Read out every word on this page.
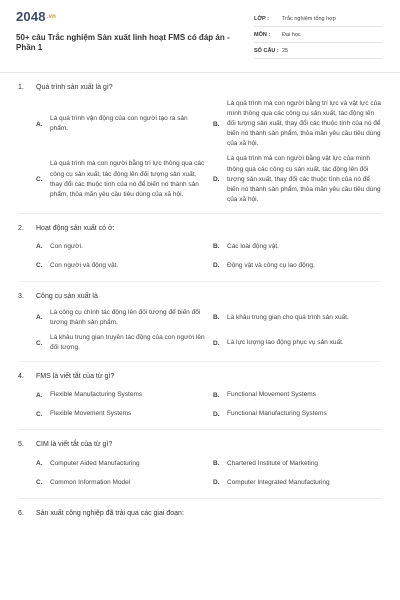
2048.vn
50+ câu Trắc nghiệm Sản xuất linh hoạt FMS có đáp án - Phần 1
LỚP :	Trắc nghiệm tổng hợp
MÔN :	Đại học
SỐ CÂU : 25
1.	Quá trình sản xuất là gì?
A.
Là quá trình vận động của con người tạo ra sản phẩm.
B.
Là quá trình mà con người bằng trí lực và vật lực của mình thông qua các công cụ sản xuất, tác động lên đối tượng sản xuất, thay đổi các thuộc tính của nó để biến nó thành sản phẩm, thỏa mãn yêu cầu tiêu dùng của xã hội.
C.
Là quá trình mà con người bằng trí lực thông qua các công cụ sản xuất, tác động lên đối tượng sản xuất, thay đổi các thuộc tính của nó để biến nó thành sản phẩm, thỏa mãn yêu cầu tiêu dùng của xã hội.
D.
Là quá trình mà con người bằng vật lực của mình thông qua các công cụ sản xuất, tác động lên đối tượng sản xuất, thay đổi các thuộc tính của nó để biến nó thành sản phẩm, thỏa mãn yêu cầu tiêu dùng của xã hội.
2.	Hoạt động sản xuất có ở:
A.	Con người.	B.	Các loài động vật.
C.	Con người và động vật.	D.	Động vật và công cụ lao động.
3.	Công cụ sản xuất là
A.
Là công cụ chính tác động lên đối tượng để biến đổi tượng thành sản phẩm.
B.	Là khâu trung gian cho quá trình sản xuất.
C.
Là khâu trung gian truyền tác động của con người lên đối tượng.
D.	Là lực lượng lao động phục vụ sản xuất.
4.	FMS là viết tắt của từ gì?
A.	Flexible Manufacturing Systems	B.	Functional Movement Systems
C.	Flexible Movement Systems	D.	Functional Manufacturing Systems
5.	CIM là viết tắt của từ gì?
A.	Computer Aided Manufacturing	B.	Chartered Institute of Marketing
C.	Common Information Model	D.	Computer Integrated Manufacturing
6.	Sản xuất công nghiệp đã trải qua các giai đoạn:
